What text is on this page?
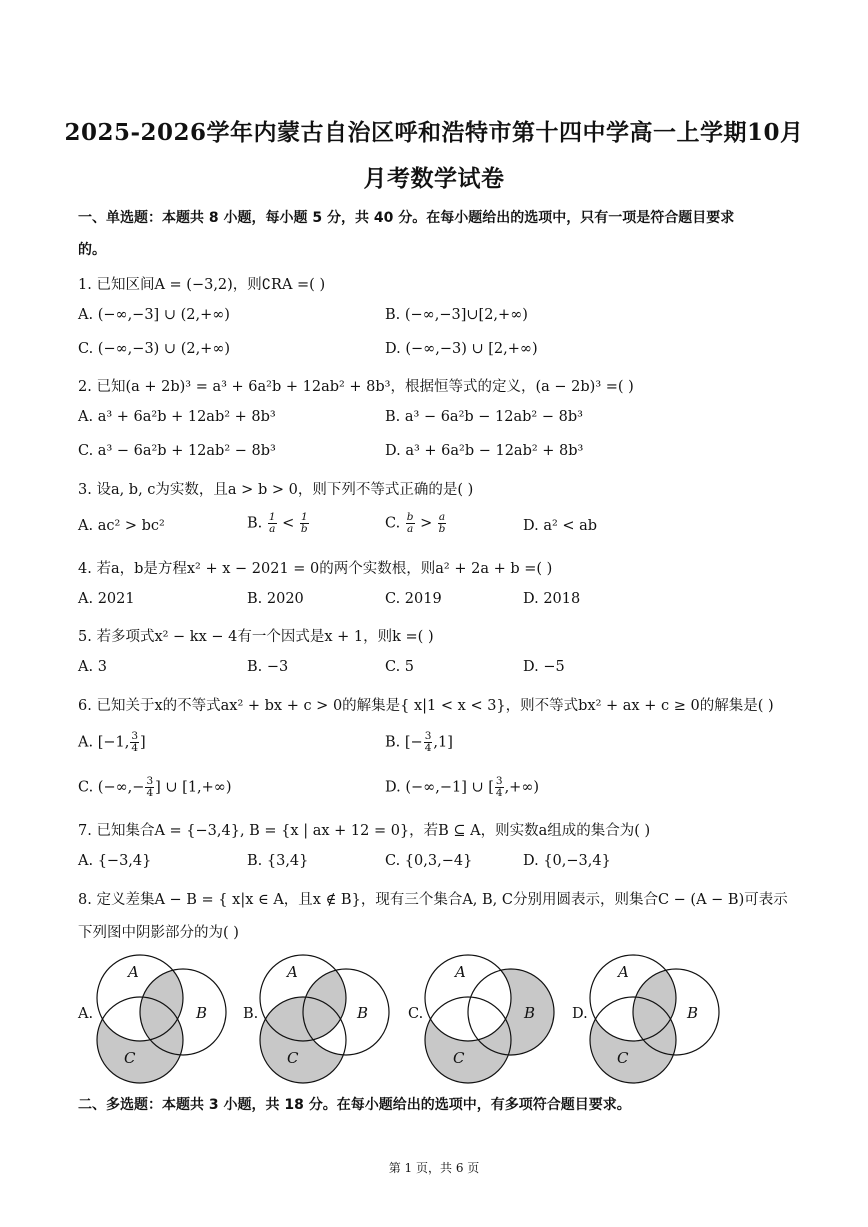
2025-2026学年内蒙古自治区呼和浩特市第十四中学高一上学期10月
月考数学试卷
一、单选题：本题共 8 小题，每小题 5 分，共 40 分。在每小题给出的选项中，只有一项是符合题目要求
的。
1. 已知区间A = (−3,2)，则∁RA =( )
A. (−∞,−3] ∪ (2,+∞)	B. (−∞,−3]∪[2,+∞)
C. (−∞,−3) ∪ (2,+∞)	D. (−∞,−3) ∪ [2,+∞)
2. 已知(a + 2b)³ = a³ + 6a²b + 12ab² + 8b³，根据恒等式的定义，(a − 2b)³ =( )
A. a³ + 6a²b + 12ab² + 8b³	B. a³ − 6a²b − 12ab² − 8b³
C. a³ − 6a²b + 12ab² − 8b³	D. a³ + 6a²b − 12ab² + 8b³
3. 设a, b, c为实数，且a > b > 0，则下列不等式正确的是( )
A. ac² > bc²	B. $\frac{1}{a} < \frac{1}{b}$	C. $\frac{b}{a} > \frac{a}{b}$	D. a² < ab
4. 若a，b是方程x² + x − 2021 = 0的两个实数根，则a² + 2a + b =( )
A. 2021	B. 2020	C. 2019	D. 2018
5. 若多项式x² − kx − 4有一个因式是x + 1，则k =( )
A. 3	B. −3	C. 5	D. −5
6. 已知关于x的不等式ax² + bx + c > 0的解集是{ x|1 < x < 3}，则不等式bx² + ax + c ≥ 0的解集是( )
A. [−1, $\frac{3}{4}$ ]	B. [− $\frac{3}{4} ,1$]
C. (−∞,− $\frac{3}{4}$ ] ∪ [1,+∞)	D. (−∞,−1] ∪ [ $\frac{3}{4}$ ,+∞)
7. 已知集合A = {−3,4}, B = {x | ax + 12 = 0}，若B ⊆ A，则实数a组成的集合为( )
A. {−3,4}	B. {3,4}	C. {0,3,−4}	D. {0,−3,4}
8. 定义差集A − B = { x|x ∈ A，且x ∉ B}，现有三个集合A, B, C分别用圆表示，则集合C − (A − B)可表示
下列图中阴影部分的为( )
A.
A
B
C
B.
A
B
C
C.
A
B
C
D.
A
B
C
二、多选题：本题共 3 小题，共 18 分。在每小题给出的选项中，有多项符合题目要求。
第 1 页，共 6 页
